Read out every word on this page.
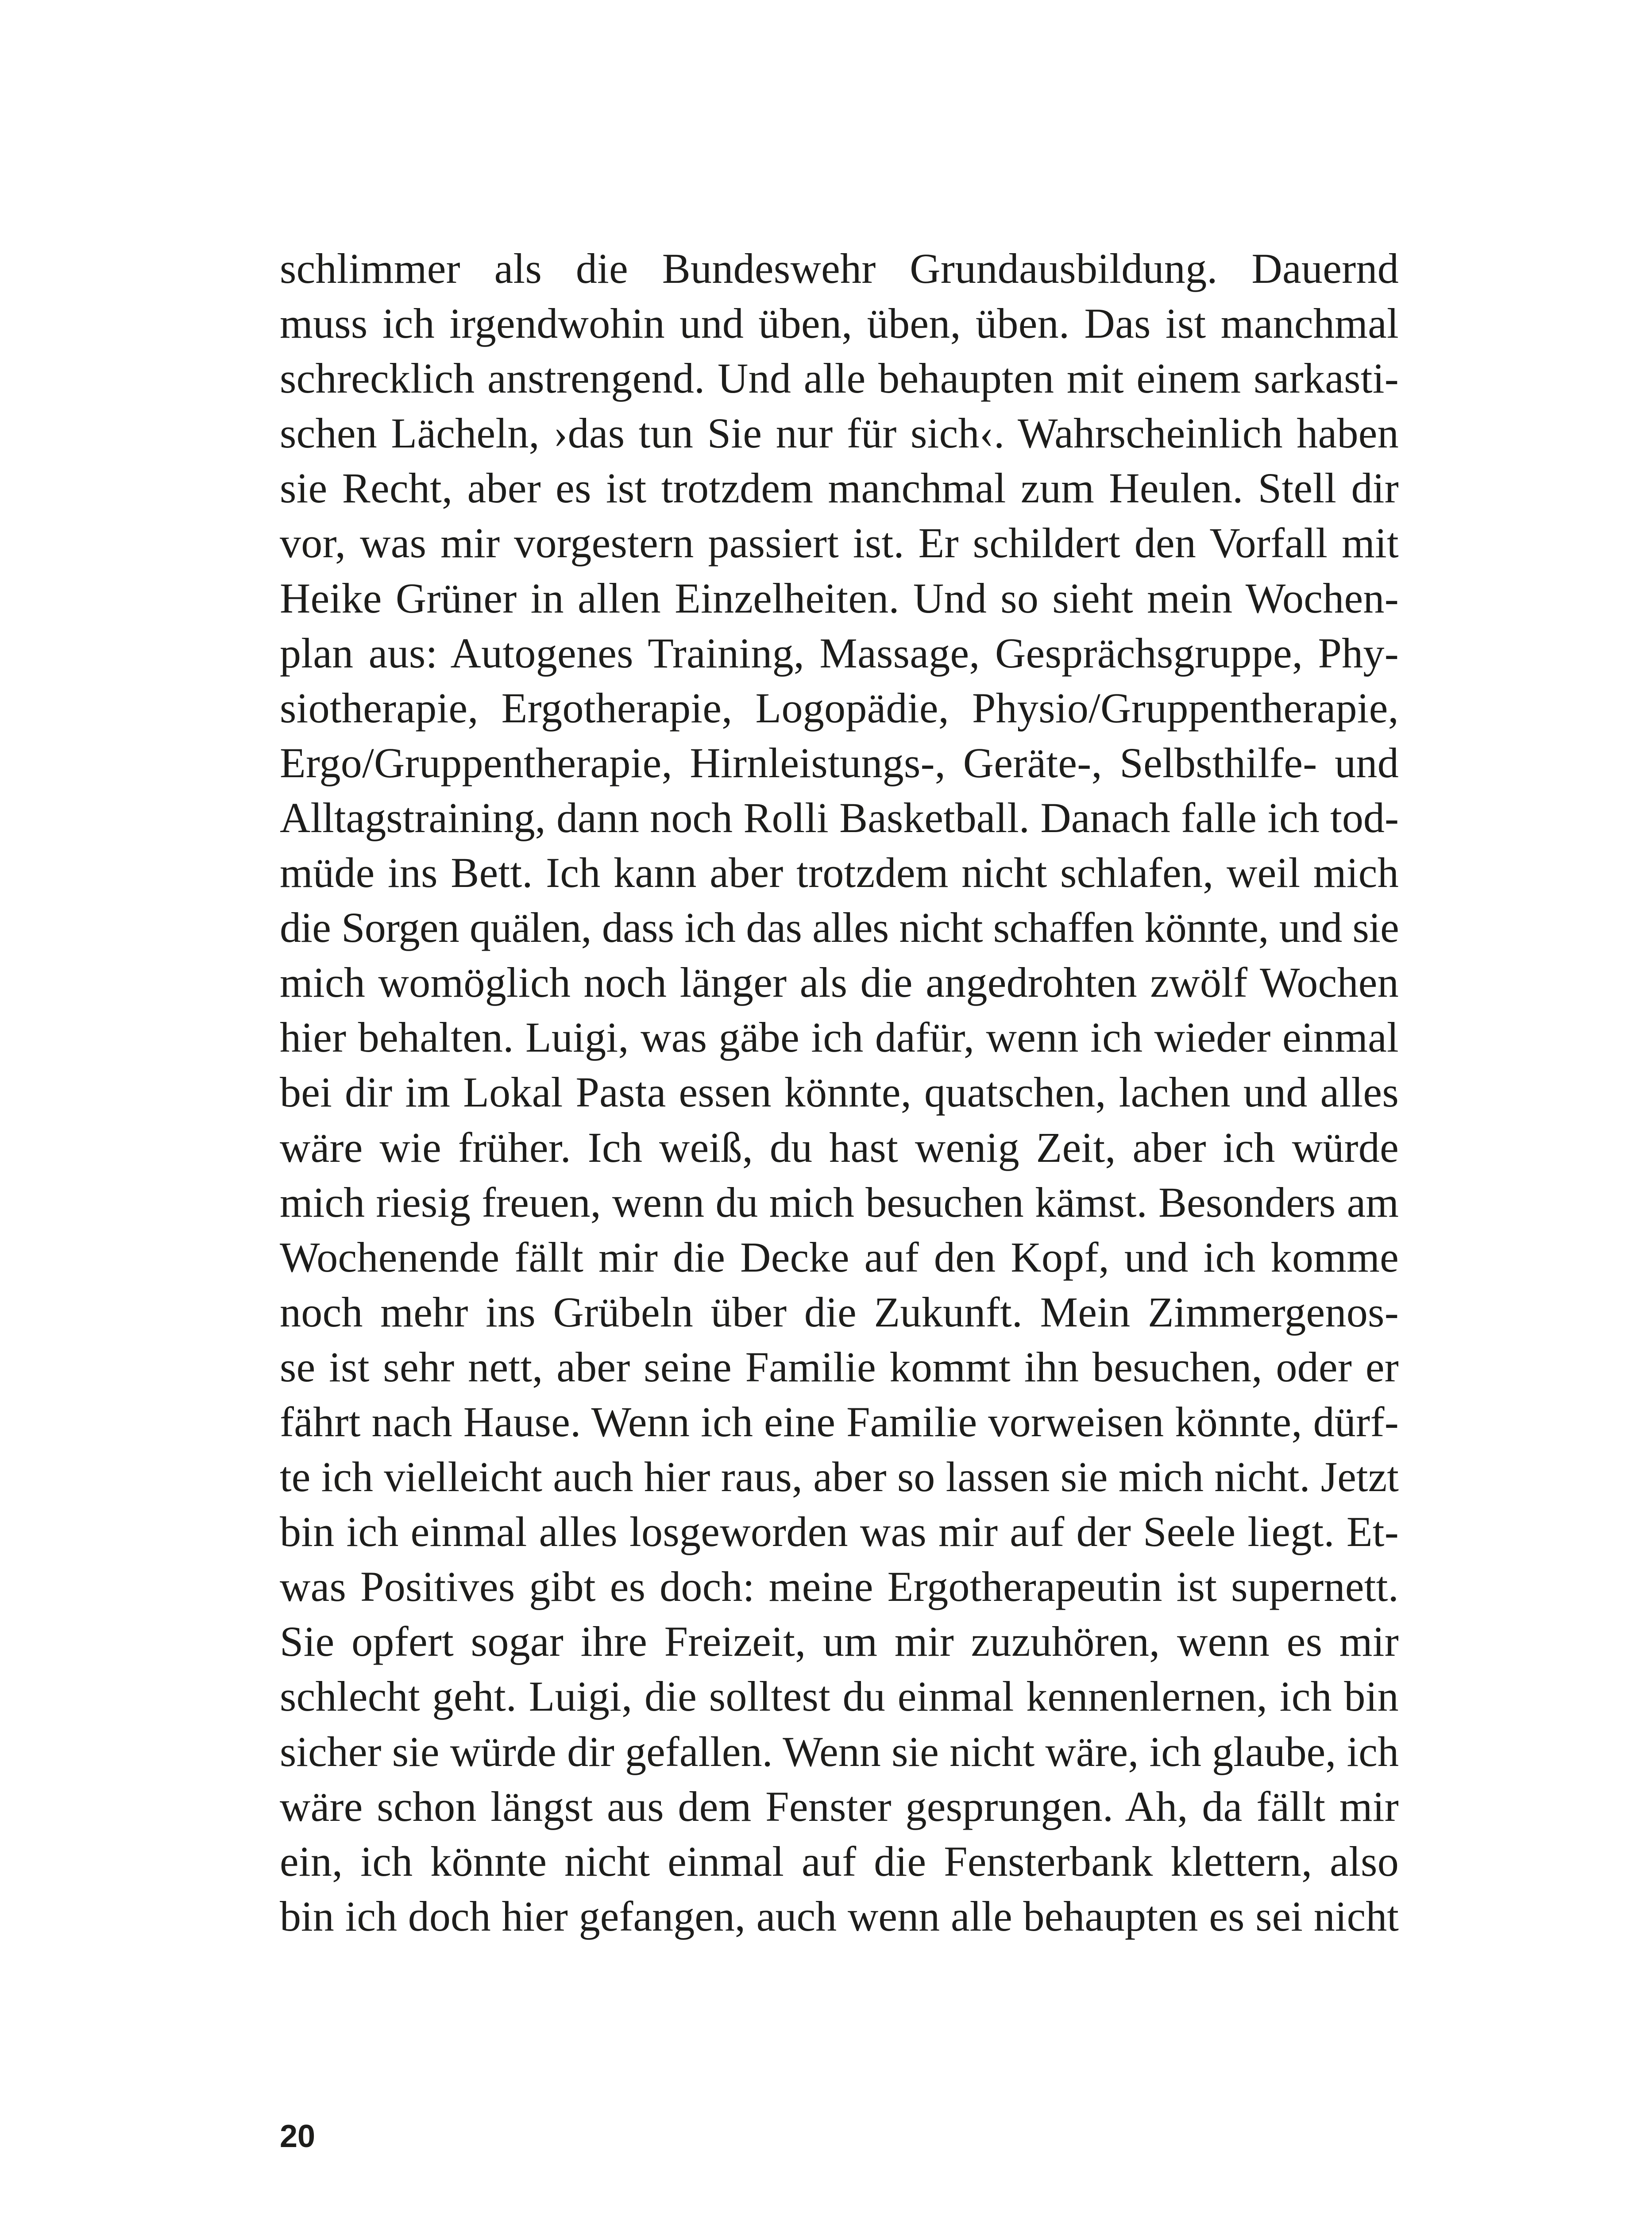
schlimmer als die Bundeswehr Grundausbildung. Dauernd
muss ich irgendwohin und üben, üben, üben. Das ist manchmal
schrecklich anstrengend. Und alle behaupten mit einem sarkasti-
schen Lächeln, ›das tun Sie nur für sich‹. Wahrscheinlich haben
sie Recht, aber es ist trotzdem manchmal zum Heulen. Stell dir
vor, was mir vorgestern passiert ist. Er schildert den Vorfall mit
Heike Grüner in allen Einzelheiten. Und so sieht mein Wochen-
plan aus: Autogenes Training, Massage, Gesprächsgruppe, Phy-
siotherapie, Ergotherapie, Logopädie, Physio/Gruppentherapie,
Ergo/Gruppentherapie, Hirnleistungs-, Geräte-, Selbsthilfe- und
Alltagstraining, dann noch Rolli Basketball. Danach falle ich tod-
müde ins Bett. Ich kann aber trotzdem nicht schlafen, weil mich
die Sorgen quälen, dass ich das alles nicht schaffen könnte, und sie
mich womöglich noch länger als die angedrohten zwölf Wochen
hier behalten. Luigi, was gäbe ich dafür, wenn ich wieder einmal
bei dir im Lokal Pasta essen könnte, quatschen, lachen und alles
wäre wie früher. Ich weiß, du hast wenig Zeit, aber ich würde
mich riesig freuen, wenn du mich besuchen kämst. Besonders am
Wochenende fällt mir die Decke auf den Kopf, und ich komme
noch mehr ins Grübeln über die Zukunft. Mein Zimmergenos-
se ist sehr nett, aber seine Familie kommt ihn besuchen, oder er
fährt nach Hause. Wenn ich eine Familie vorweisen könnte, dürf-
te ich vielleicht auch hier raus, aber so lassen sie mich nicht. Jetzt
bin ich einmal alles losgeworden was mir auf der Seele liegt. Et-
was Positives gibt es doch: meine Ergotherapeutin ist supernett.
Sie opfert sogar ihre Freizeit, um mir zuzuhören, wenn es mir
schlecht geht. Luigi, die solltest du einmal kennenlernen, ich bin
sicher sie würde dir gefallen. Wenn sie nicht wäre, ich glaube, ich
wäre schon längst aus dem Fenster gesprungen. Ah, da fällt mir
ein, ich könnte nicht einmal auf die Fensterbank klettern, also
bin ich doch hier gefangen, auch wenn alle behaupten es sei nicht
20
